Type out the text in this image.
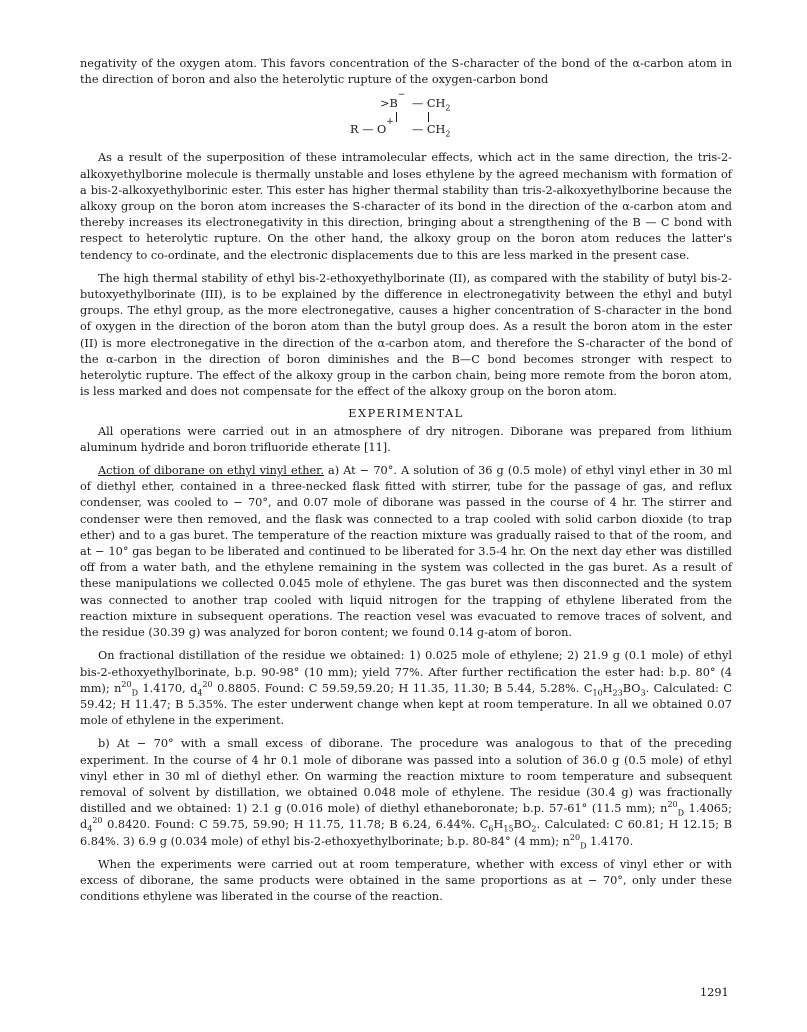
negativity of the oxygen atom. This favors concentration of the S-character of the bond of the α-carbon atom in the direction of boron and also the heterolytic rupture of the oxygen-carbon bond

>B−
— $CH_2$
R — O+
— $CH_2$

As a result of the superposition of these intramolecular effects, which act in the same direction, the tris-2-alkoxyethylborine molecule is thermally unstable and loses ethylene by the agreed mechanism with formation of a bis-2-alkoxyethylborinic ester. This ester has higher thermal stability than tris-2-alkoxyethylborine because the alkoxy group on the boron atom increases the S-character of its bond in the direction of the α-carbon atom and thereby increases its electronegativity in this direction, bringing about a strengthening of the B — C bond with respect to heterolytic rupture. On the other hand, the alkoxy group on the boron atom reduces the latter's tendency to co-ordinate, and the electronic displacements due to this are less marked in the present case.

The high thermal stability of ethyl bis-2-ethoxyethylborinate (II), as compared with the stability of butyl bis-2-butoxyethylborinate (III), is to be explained by the difference in electronegativity between the ethyl and butyl groups. The ethyl group, as the more electronegative, causes a higher concentration of S-character in the bond of oxygen in the direction of the boron atom than the butyl group does. As a result the boron atom in the ester (II) is more electronegative in the direction of the α-carbon atom, and therefore the S-character of the bond of the α-carbon in the direction of boron diminishes and the B—C bond becomes stronger with respect to heterolytic rupture. The effect of the alkoxy group in the carbon chain, being more remote from the boron atom, is less marked and does not compensate for the effect of the alkoxy group on the boron atom.

EXPERIMENTAL

All operations were carried out in an atmosphere of dry nitrogen. Diborane was prepared from lithium aluminum hydride and boron trifluoride etherate [11].

Action of diborane on ethyl vinyl ether. a) At − 70°. A solution of 36 g (0.5 mole) of ethyl vinyl ether in 30 ml of diethyl ether, contained in a three-necked flask fitted with stirrer, tube for the passage of gas, and reflux condenser, was cooled to − 70°, and 0.07 mole of diborane was passed in the course of 4 hr. The stirrer and condenser were then removed, and the flask was connected to a trap cooled with solid carbon dioxide (to trap ether) and to a gas buret. The temperature of the reaction mixture was gradually raised to that of the room, and at − 10° gas began to be liberated and continued to be liberated for 3.5-4 hr. On the next day ether was distilled off from a water bath, and the ethylene remaining in the system was collected in the gas buret. As a result of these manipulations we collected 0.045 mole of ethylene. The gas buret was then disconnected and the system was connected to another trap cooled with liquid nitrogen for the trapping of ethylene liberated from the reaction mixture in subsequent operations. The reaction vesel was evacuated to remove traces of solvent, and the residue (30.39 g) was analyzed for boron content; we found 0.14 g-atom of boron.

On fractional distillation of the residue we obtained: 1) 0.025 mole of ethylene; 2) 21.9 g (0.1 mole) of ethyl bis-2-ethoxyethylborinate, b.p. 90-98° (10 mm); yield 77%. After further rectification the ester had: b.p. 80° (4 mm); $n^{20}_D$ 1.4170, $d_4^{20}$ 0.8805. Found: C 59.59,59.20; H 11.35, 11.30; B 5.44, 5.28%. $C_{10}H_{23}BO_3$. Calculated: C 59.42; H 11.47; B 5.35%. The ester underwent change when kept at room temperature. In all we obtained 0.07 mole of ethylene in the experiment.

b) At − 70° with a small excess of diborane. The procedure was analogous to that of the preceding experiment. In the course of 4 hr 0.1 mole of diborane was passed into a solution of 36.0 g (0.5 mole) of ethyl vinyl ether in 30 ml of diethyl ether. On warming the reaction mixture to room temperature and subsequent removal of solvent by distillation, we obtained 0.048 mole of ethylene. The residue (30.4 g) was fractionally distilled and we obtained: 1) 2.1 g (0.016 mole) of diethyl ethaneboronate; b.p. 57-61° (11.5 mm); $n^{20}_D$ 1.4065; $d_4^{20}$ 0.8420. Found: C 59.75, 59.90; H 11.75, 11.78; B 6.24, 6.44%. $C_6H_{15}BO_2$. Calculated: C 60.81; H 12.15; B 6.84%. 3) 6.9 g (0.034 mole) of ethyl bis-2-ethoxyethylborinate; b.p. 80-84° (4 mm); $n^{20}_D$ 1.4170.

When the experiments were carried out at room temperature, whether with excess of vinyl ether or with excess of diborane, the same products were obtained in the same proportions as at − 70°, only under these conditions ethylene was liberated in the course of the reaction.

1291
